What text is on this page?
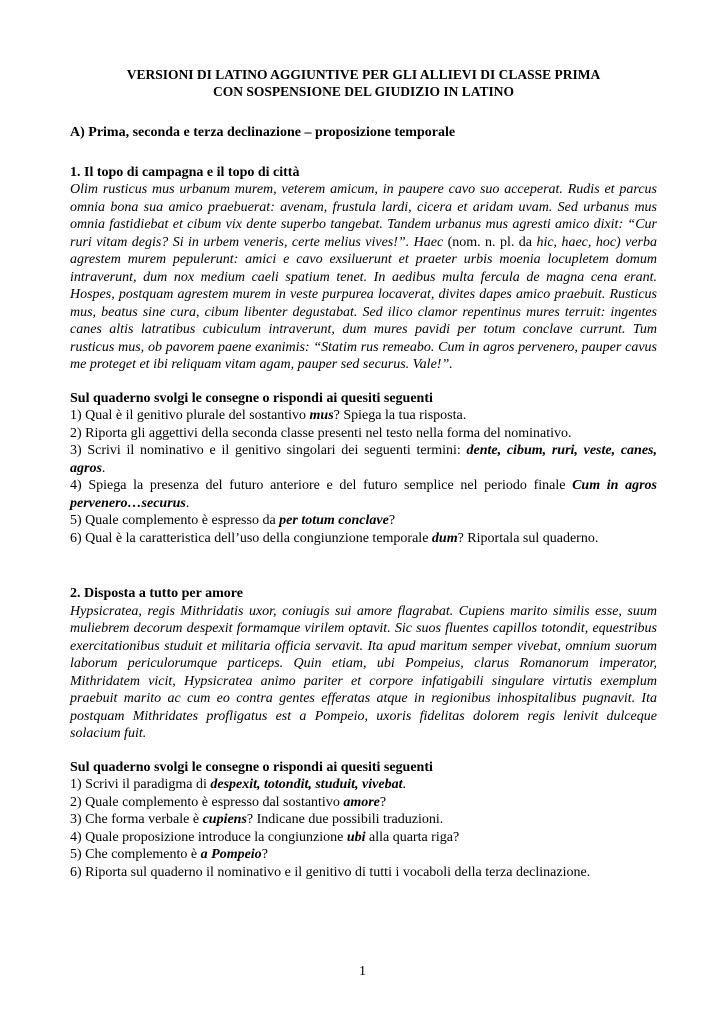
VERSIONI DI LATINO AGGIUNTIVE PER GLI ALLIEVI DI CLASSE PRIMA

CON SOSPENSIONE DEL GIUDIZIO IN LATINO

A) Prima, seconda e terza declinazione – proposizione temporale

1. Il topo di campagna e il topo di città

Olim rusticus mus urbanum murem, veterem amicum, in paupere cavo suo acceperat. Rudis et parcus omnia bona sua amico praebuerat: avenam, frustula lardi, cicera et aridam uvam. Sed urbanus mus omnia fastidiebat et cibum vix dente superbo tangebat. Tandem urbanus mus agresti amico dixit: “Cur ruri vitam degis? Si in urbem veneris, certe melius vives!”. Haec (nom. n. pl. da hic, haec, hoc) verba agrestem murem pepulerunt: amici e cavo exsiluerunt et praeter urbis moenia locupletem domum intraverunt, dum nox medium caeli spatium tenet. In aedibus multa fercula de magna cena erant. Hospes, postquam agrestem murem in veste purpurea locaverat, divites dapes amico praebuit. Rusticus mus, beatus sine cura, cibum libenter degustabat. Sed ilico clamor repentinus mures terruit: ingentes canes altis latratibus cubiculum intraverunt, dum mures pavidi per totum conclave currunt. Tum rusticus mus, ob pavorem paene exanimis: “Statim rus remeabo. Cum in agros pervenero, pauper cavus me proteget et ibi reliquam vitam agam, pauper sed securus. Vale!”.

Sul quaderno svolgi le consegne o rispondi ai quesiti seguenti

1) Qual è il genitivo plurale del sostantivo mus? Spiega la tua risposta.

2) Riporta gli aggettivi della seconda classe presenti nel testo nella forma del nominativo.

3) Scrivi il nominativo e il genitivo singolari dei seguenti termini: dente, cibum, ruri, veste, canes, agros.

4) Spiega la presenza del futuro anteriore e del futuro semplice nel periodo finale Cum in agros pervenero…securus.

5) Quale complemento è espresso da per totum conclave?

6) Qual è la caratteristica dell’uso della congiunzione temporale dum? Riportala sul quaderno.

2. Disposta a tutto per amore

Hypsicratea, regis Mithridatis uxor, coniugis sui amore flagrabat. Cupiens marito similis esse, suum muliebrem decorum despexit formamque virilem optavit. Sic suos fluentes capillos totondit, equestribus exercitationibus studuit et militaria officia servavit. Ita apud maritum semper vivebat, omnium suorum laborum periculorumque particeps. Quin etiam, ubi Pompeius, clarus Romanorum imperator, Mithridatem vicit, Hypsicratea animo pariter et corpore infatigabili singulare virtutis exemplum praebuit marito ac cum eo contra gentes efferatas atque in regionibus inhospitalibus pugnavit. Ita postquam Mithridates profligatus est a Pompeio, uxoris fidelitas dolorem regis lenivit dulceque solacium fuit.

Sul quaderno svolgi le consegne o rispondi ai quesiti seguenti

1) Scrivi il paradigma di despexit, totondit, studuit, vivebat.

2) Quale complemento è espresso dal sostantivo amore?

3) Che forma verbale è cupiens? Indicane due possibili traduzioni.

4) Quale proposizione introduce la congiunzione ubi alla quarta riga?

5) Che complemento è a Pompeio?

6) Riporta sul quaderno il nominativo e il genitivo di tutti i vocaboli della terza declinazione.

1
